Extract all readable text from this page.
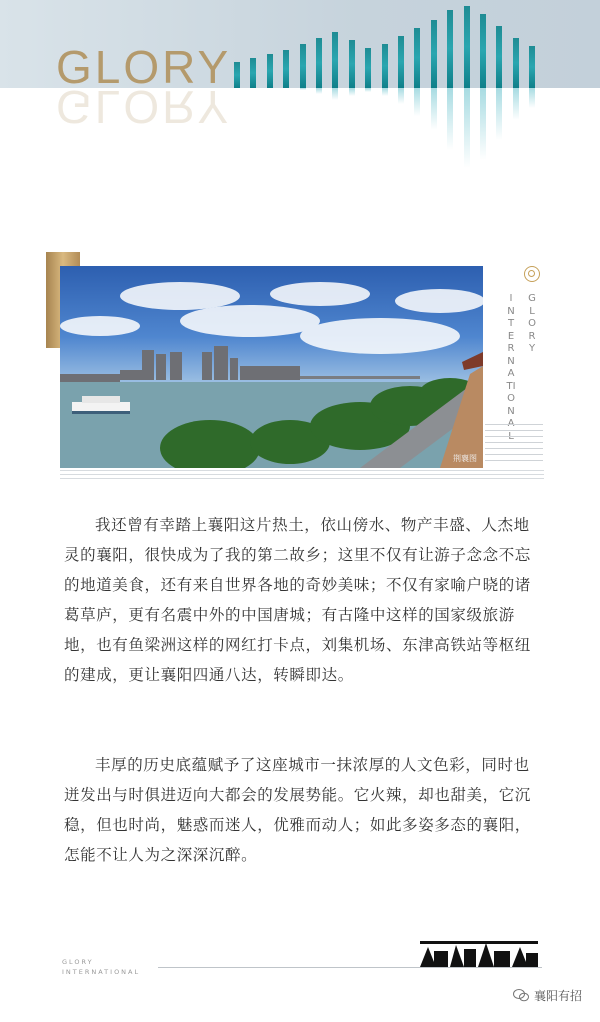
GLORY
GLORY
荆襄图
INTERNATION L
GLORY

我还曾有幸踏上襄阳这片热土，依山傍水、物产丰盛、人杰地灵的襄阳，很快成为了我的第二故乡；这里不仅有让游子念念不忘的地道美食，还有来自世界各地的奇妙美味；不仅有家喻户晓的诸葛草庐，更有名震中外的中国唐城；有古隆中这样的国家级旅游地，也有鱼梁洲这样的网红打卡点，刘集机场、东津高铁站等枢纽的建成，更让襄阳四通八达，转瞬即达。

丰厚的历史底蕴赋予了这座城市一抹浓厚的人文色彩，同时也迸发出与时俱进迈向大都会的发展势能。它火辣，却也甜美，它沉稳，但也时尚，魅惑而迷人，优雅而动人；如此多姿多态的襄阳，怎能不让人为之深深沉醉。

GLORY
INTERNATIONAL
襄阳有招
